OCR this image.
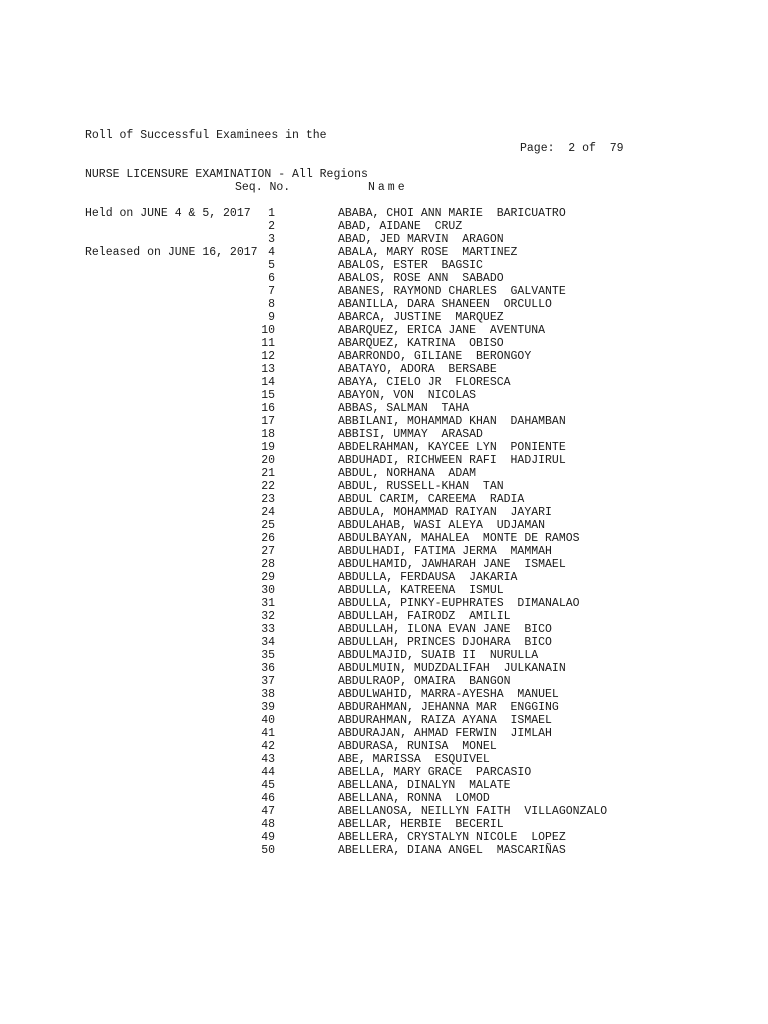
Roll of Successful Examinees in the

NURSE LICENSURE EXAMINATION - All Regions

Held on JUNE 4 & 5, 2017

Released on JUNE 16, 2017

Page:  2 of  79
Seq. No.	Name
1	ABABA, CHOI ANN MARIE  BARICUATRO
2	ABAD, AIDANE  CRUZ
3	ABAD, JED MARVIN  ARAGON
4	ABALA, MARY ROSE  MARTINEZ
5	ABALOS, ESTER  BAGSIC
6	ABALOS, ROSE ANN  SABADO
7	ABANES, RAYMOND CHARLES  GALVANTE
8	ABANILLA, DARA SHANEEN  ORCULLO
9	ABARCA, JUSTINE  MARQUEZ
10	ABARQUEZ, ERICA JANE  AVENTUNA
11	ABARQUEZ, KATRINA  OBISO
12	ABARRONDO, GILIANE  BERONGOY
13	ABATAYO, ADORA  BERSABE
14	ABAYA, CIELO JR  FLORESCA
15	ABAYON, VON  NICOLAS
16	ABBAS, SALMAN  TAHA
17	ABBILANI, MOHAMMAD KHAN  DAHAMBAN
18	ABBISI, UMMAY  ARASAD
19	ABDELRAHMAN, KAYCEE LYN  PONIENTE
20	ABDUHADI, RICHWEEN RAFI  HADJIRUL
21	ABDUL, NORHANA  ADAM
22	ABDUL, RUSSELL-KHAN  TAN
23	ABDUL CARIM, CAREEMA  RADIA
24	ABDULA, MOHAMMAD RAIYAN  JAYARI
25	ABDULAHAB, WASI ALEYA  UDJAMAN
26	ABDULBAYAN, MAHALEA  MONTE DE RAMOS
27	ABDULHADI, FATIMA JERMA  MAMMAH
28	ABDULHAMID, JAWHARAH JANE  ISMAEL
29	ABDULLA, FERDAUSA  JAKARIA
30	ABDULLA, KATREENA  ISMUL
31	ABDULLA, PINKY-EUPHRATES  DIMANALAO
32	ABDULLAH, FAIRODZ  AMILIL
33	ABDULLAH, ILONA EVAN JANE  BICO
34	ABDULLAH, PRINCES DJOHARA  BICO
35	ABDULMAJID, SUAIB II  NURULLA
36	ABDULMUIN, MUDZDALIFAH  JULKANAIN
37	ABDULRAOP, OMAIRA  BANGON
38	ABDULWAHID, MARRA-AYESHA  MANUEL
39	ABDURAHMAN, JEHANNA MAR  ENGGING
40	ABDURAHMAN, RAIZA AYANA  ISMAEL
41	ABDURAJAN, AHMAD FERWIN  JIMLAH
42	ABDURASA, RUNISA  MONEL
43	ABE, MARISSA  ESQUIVEL
44	ABELLA, MARY GRACE  PARCASIO
45	ABELLANA, DINALYN  MALATE
46	ABELLANA, RONNA  LOMOD
47	ABELLANOSA, NEILLYN FAITH  VILLAGONZALO
48	ABELLAR, HERBIE  BECERIL
49	ABELLERA, CRYSTALYN NICOLE  LOPEZ
50	ABELLERA, DIANA ANGEL  MASCARIÑAS
